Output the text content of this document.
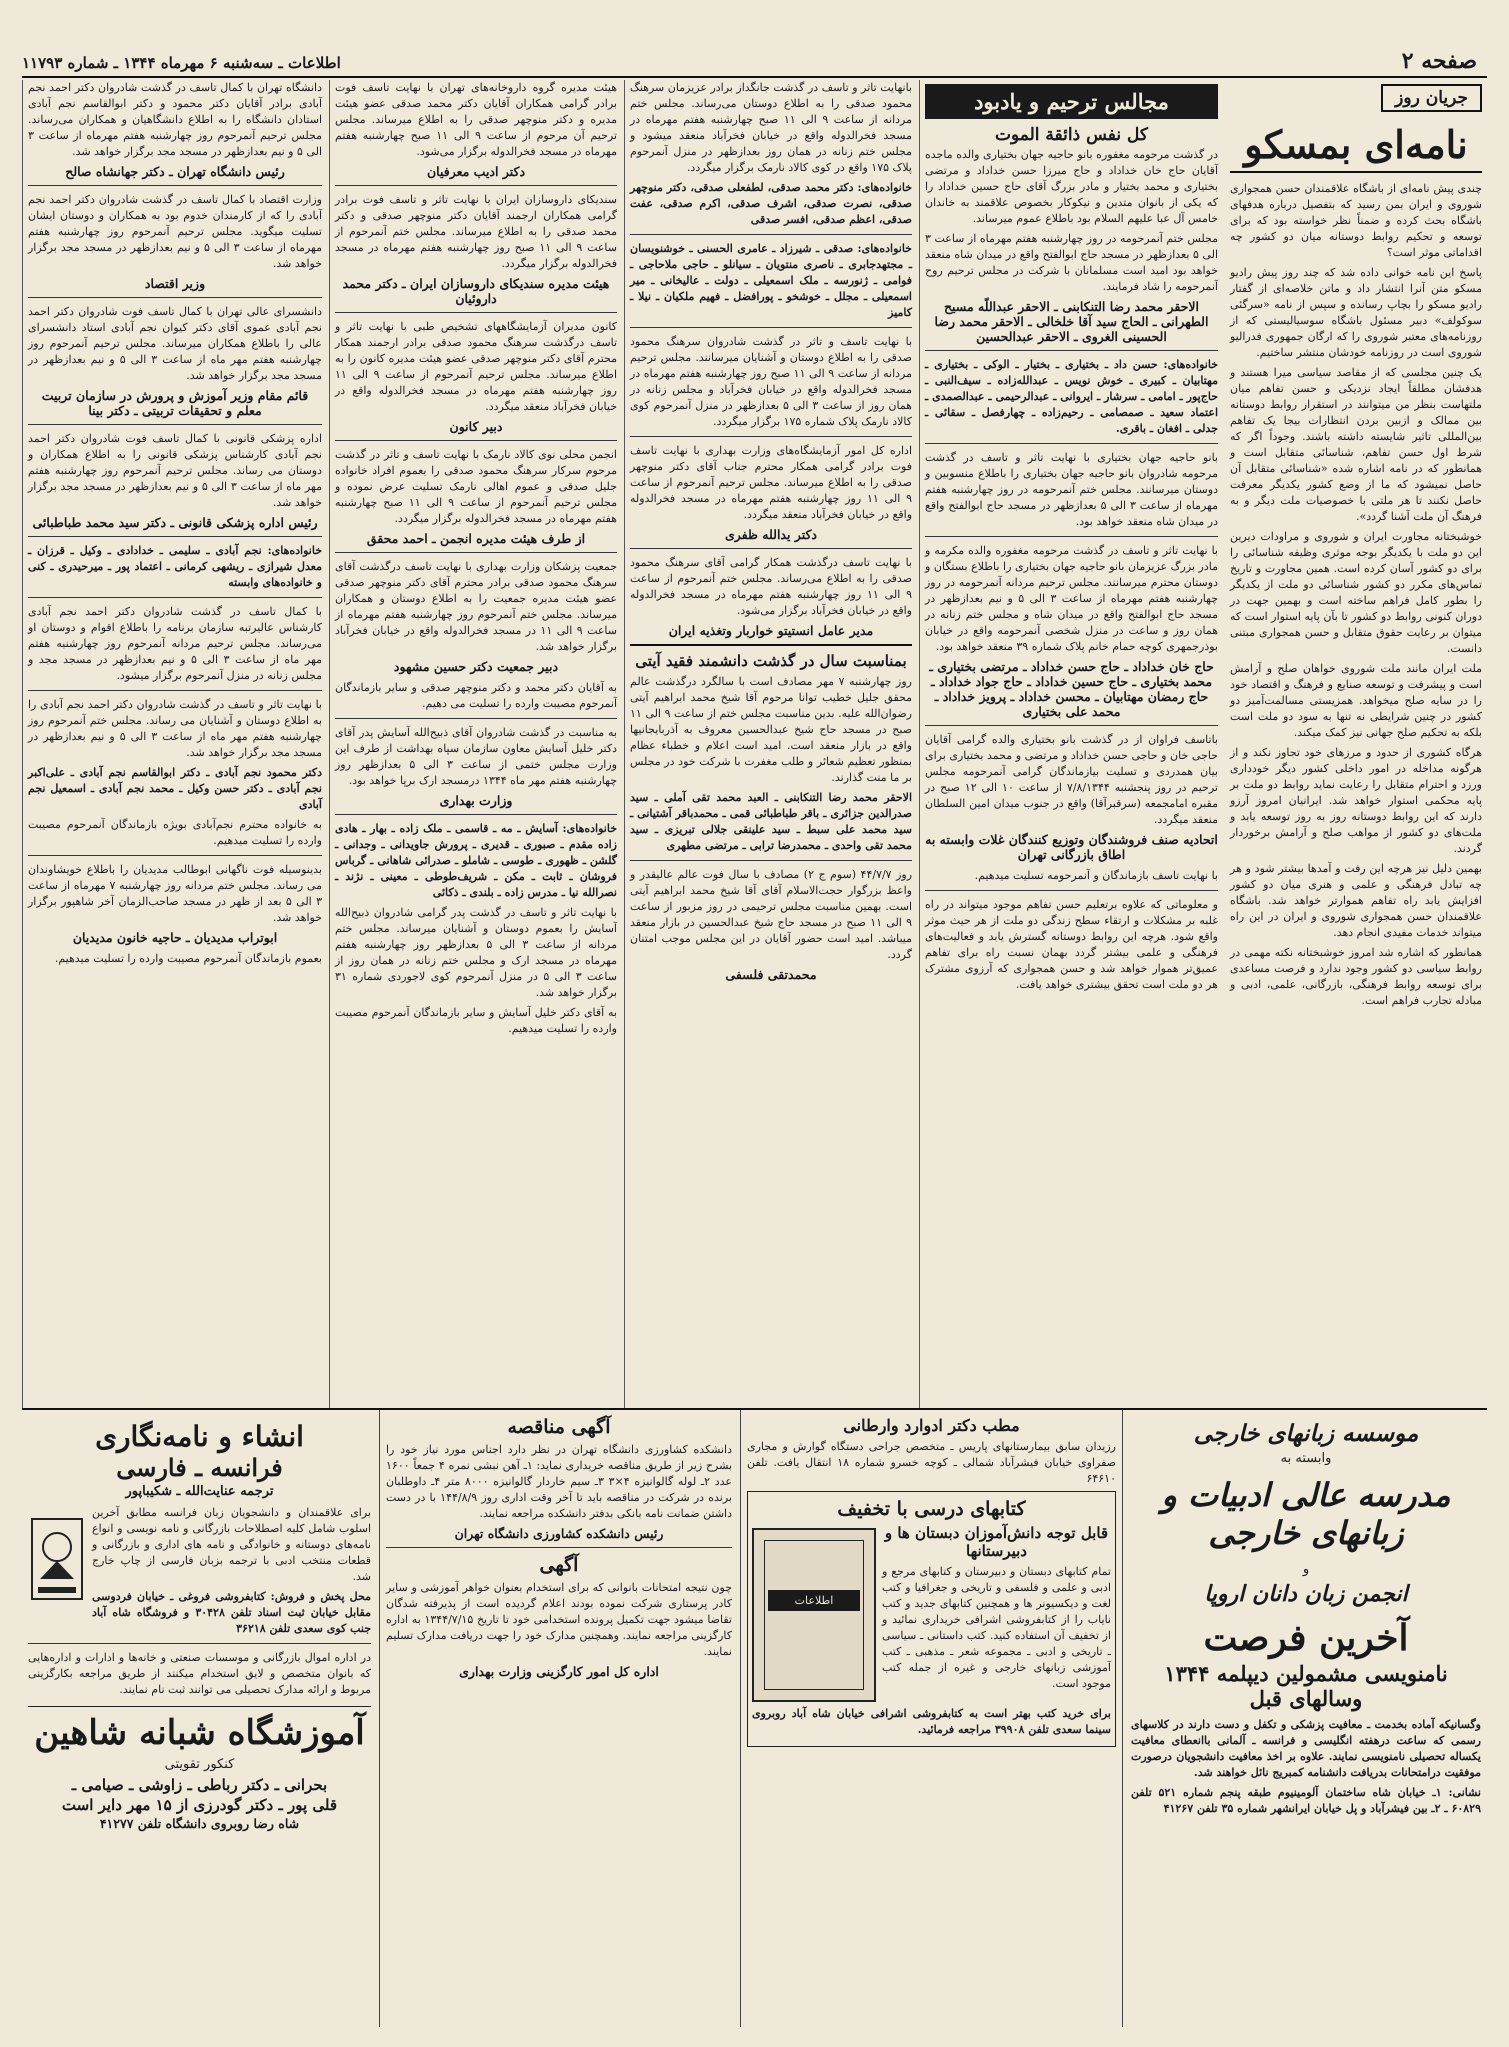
صفحه ۲
اطلاعات ـ سه‌شنبه ۶ مهرماه ۱۳۴۴ ـ شماره ۱۱۷۹۳
جریان روز
نامه‌ای بمسکو

چندی پیش نامه‌ای از باشگاه علاقمندان حسن همجواری شوروی و ایران بمن رسید که بتفصیل درباره هدفهای باشگاه بحث کرده و ضمناً نظر خواسته بود که برای توسعه و تحکیم روابط دوستانه میان دو کشور چه اقداماتی موثر است؟

پاسخ این نامه خوانی داده شد که چند روز پیش رادیو مسکو متن آنرا انتشار داد و ماتن خلاصه‌ای از گفتار رادیو مسکو را بچاپ رسانده و سپس از نامه «سرگئی سوکولف» دبیر مسئول باشگاه سوسیالیستی که از روزنامه‌های معتبر شوروی را که ارگان جمهوری فدرالیو شوروی است در روزنامه خودشان منتشر ساختیم.

یک چنین مجلسی که از مقاصد سیاسی میرا هستند و هدفشان مطلقاً ایجاد نزدیکی و حسن تفاهم میان ملتهاست بنظر من میتوانند در استقرار روابط دوستانه بین ممالک و ازبین بردن انتظارات بیجا یک تفاهم بین‌المللی تاثیر شایسته داشته باشند. وجوداً اگر که شرط اول حسن تفاهم، شناسائی متقابل است و همانطور که در نامه اشاره شده «شناسائی متقابل آن حاصل نمیشود که ما از وضع کشور یکدیگر معرفت حاصل نکنند تا هر ملتی با خصوصیات ملت دیگر و به فرهنگ آن ملت آشنا گردد».

خوشبختانه مجاورت ایران و شوروی و مراودات دیرین این دو ملت با یکدیگر بوجه موثری وظیفه شناسائی را برای دو کشور آسان کرده است. همین مجاورت و تاریخ تماس‌های مکرر دو کشور شناسائی دو ملت از یکدیگر را بطور کامل فراهم ساخته است و بهمین جهت در دوران کنونی روابط دو کشور تا بآن پایه استوار است که میتوان بر رعایت حقوق متقابل و حسن همجواری مبتنی دانست.

ملت ایران مانند ملت شوروی خواهان صلح و آرامش است و پیشرفت و توسعه صنایع و فرهنگ و اقتصاد خود را در سایه صلح میخواهد. همزیستی مسالمت‌آمیز دو کشور در چنین شرایطی نه تنها به سود دو ملت است بلکه به تحکیم صلح جهانی نیز کمک میکند.

هرگاه کشوری از حدود و مرزهای خود تجاوز نکند و از هرگونه مداخله در امور داخلی کشور دیگر خودداری ورزد و احترام متقابل را رعایت نماید روابط دو ملت بر پایه محکمی استوار خواهد شد. ایرانیان امروز آرزو دارند که این روابط دوستانه روز به روز توسعه یابد و ملت‌های دو کشور از مواهب صلح و آرامش برخوردار گردند.

بهمین دلیل نیز هرچه این رفت و آمدها بیشتر شود و هر چه تبادل فرهنگی و علمی و هنری میان دو کشور افزایش یابد راه تفاهم هموارتر خواهد شد. باشگاه علاقمندان حسن همجواری شوروی و ایران در این راه میتواند خدمات مفیدی انجام دهد.

همانطور که اشاره شد امروز خوشبختانه نکته مهمی در روابط سیاسی دو کشور وجود ندارد و فرصت مساعدی برای توسعه روابط فرهنگی، بازرگانی، علمی، ادبی و مبادله تجارب فراهم است.

مجالس ترحیم و یادبود
کل نفس ذائقة الموت

در گذشت مرحومه مغفوره بانو حاجیه جهان بختیاری والده ماجده آقایان حاج خان خداداد و حاج میرزا حسن خداداد و مرتضی بختیاری و محمد بختیار و مادر بزرگ آقای حاج حسین خداداد را که یکی از بانوان متدین و نیکوکار بخصوص علاقمند به خاندان خامس آل عبا علیهم السلام بود باطلاع عموم میرساند.

مجلس ختم آنمرحومه در روز چهارشنبه هفتم مهرماه از ساعت ۳ الی ۵ بعدازظهر در مسجد حاج ابوالفتح واقع در میدان شاه منعقد خواهد بود امید است مسلمانان با شرکت در مجلس ترحیم روح آنمرحومه را شاد فرمایند.

الاحقر محمد رضا التنکابنی ـ الاحقر عبداللّه‌ مسیح الطهرانی ـ الحاج سید آقا خلخالی ـ الاحقر محمد رضا الحسینی الغروی ـ الاحقر عبدالحسین

خانواده‌های: حسن داد ـ بختیاری ـ بختیار ـ الوکی ـ بختیاری ـ مهتابیان ـ کبیری ـ خوش نویس ـ عبدالله‌زاده ـ سیف‌النبی ـ حاج‌پور ـ امامی ـ سرشار ـ ایروانی ـ عبدالرحیمی ـ عبدالصمدی ـ اعتماد سعید ـ صمصامی ـ رحیم‌زاده ـ چهارفصل ـ سقائی ـ جدلی ـ افغان ـ باقری.

بانو حاجیه جهان بختیاری با نهایت تاثر و تاسف در گذشت مرحومه شادروان بانو حاجیه جهان بختیاری را باطلاع منسوبین و دوستان میرسانند. مجلس ختم آنمرحومه در روز چهارشنبه هفتم مهرماه از ساعت ۳ الی ۵ بعدازظهر در مسجد حاج ابوالفتح واقع در میدان شاه منعقد خواهد بود.

با نهایت تاثر و تاسف در گذشت مرحومه مغفوره والده مکرمه و مادر بزرگ عزیزمان بانو حاجیه جهان بختیاری را باطلاع بستگان و دوستان محترم میرسانند. مجلس ترحیم مردانه آنمرحومه در روز چهارشنبه هفتم مهرماه از ساعت ۳ الی ۵ و نیم بعدازظهر در مسجد حاج ابوالفتح واقع در میدان شاه و مجلس ختم زنانه در همان روز و ساعت در منزل شخصی آنمرحومه واقع در خیابان بوذرجمهری کوچه حمام خانم پلاک شماره ۳۹ منعقد خواهد بود.

حاج خان خداداد ـ حاج حسن خداداد ـ مرتضی بختیاری ـ محمد بختیاری ـ حاج حسین خداداد ـ حاج جواد خداداد ـ حاج رمضان مهتابیان ـ محسن خداداد ـ پرویز خداداد ـ محمد علی بختیاری

باتاسف فراوان از در گذشت بانو بختیاری والده گرامی آقایان حاجی خان و حاجی حسن خداداد و مرتضی و محمد بختیاری برای بیان همدردی و تسلیت بیازماندگان گرامی آنمرحومه مجلس ترحیم در روز پنجشنبه ۷/۸/۱۳۴۴ از ساعت ۱۰ الی ۱۲ صبح در مقبره امامجمعه (سرقبرآقا) واقع در جنوب میدان امین السلطان منعقد میگردد.

اتحادیه صنف فروشندگان وتوزیع کنندگان غلات وابسته به اطاق بازرگانی تهران

با نهایت تاسف بازماندگان و آنمرحومه تسلیت میدهیم.

و معلوماتی که علاوه برتعلیم حسن تفاهم موجود میتواند در راه غلبه بر مشکلات و ارتقاء سطح زندگی دو ملت از هر حیث موثر واقع شود. هرچه این روابط دوستانه گسترش یابد و فعالیت‌های فرهنگی و علمی بیشتر گردد بهمان نسبت راه برای تفاهم عمیق‌تر هموار خواهد شد و حسن همجواری که آرزوی مشترک هر دو ملت است تحقق بیشتری خواهد یافت.

بانهایت تاثر و تاسف در گذشت جانگداز برادر عزیزمان سرهنگ محمود صدقی را به اطلاع دوستان می‌رساند. مجلس ختم مردانه از ساعت ۹ الی ۱۱ صبح چهارشنبه هفتم مهرماه در مسجد فخرالدوله واقع در خیابان فخرآباد منعقد میشود و مجلس ختم زنانه در همان روز بعدازظهر در منزل آنمرحوم پلاک ۱۷۵ واقع در کوی کالاد نارمک برگزار میگردد.

خانواده‌های: دکتر محمد صدقی، لطفعلی صدقی، دکتر منوچهر صدقی، نصرت صدقی، اشرف صدقی، اکرم صدقی، عفت صدقی، اعظم صدقی، افسر صدقی

خانواده‌های: صدقی ـ شیرزاد ـ عامری الحسنی ـ خوشنویسان ـ مجتهدجابری ـ ناصری منتویان ـ سیانلو ـ حاجی ملاحاجی ـ فوامی ـ ژنورسه ـ ملک اسمعیلی ـ دولت ـ عالیخانی ـ میر اسمعیلی ـ مجلل ـ خوشخو ـ پورافضل ـ فهیم ملکیان ـ نیلا ـ کامیز

با نهایت تاسف و تاثر در گذشت شادروان سرهنگ محمود صدقی را به اطلاع دوستان و آشنایان میرسانند. مجلس ترحیم مردانه از ساعت ۹ الی ۱۱ صبح روز چهارشنبه هفتم مهرماه در مسجد فخرالدوله واقع در خیابان فخرآباد و مجلس زنانه در همان روز از ساعت ۳ الی ۵ بعدازظهر در منزل آنمرحوم کوی کالاد نارمک پلاک شماره ۱۷۵ برگزار میگردد.

اداره کل امور آزمایشگاه‌های وزارت بهداری با نهایت تاسف فوت برادر گرامی همکار محترم جناب آقای دکتر منوچهر صدقی را به اطلاع میرساند. مجلس ترحیم آنمرحوم از ساعت ۹ الی ۱۱ روز چهارشنبه هفتم مهرماه در مسجد فخرالدوله واقع در خیابان فخرآباد منعقد میگردد.

دکتر یدالله ظفری

با نهایت تاسف درگذشت همکار گرامی آقای سرهنگ محمود صدقی را به اطلاع می‌رساند. مجلس ختم آنمرحوم از ساعت ۹ الی ۱۱ روز چهارشنبه هفتم مهرماه در مسجد فخرالدوله واقع در خیابان فخرآباد برگزار می‌شود.

مدیر عامل انستیتو خواربار وتغذیه ایران

بمناسبت سال در گذشت دانشمند فقید آیتی

روز چهارشنبه ۷ مهر مصادف است با سالگرد درگذشت عالم محقق جلیل خطیب توانا مرحوم آقا شیخ محمد ابراهیم آیتی رضوان‌الله علیه. بدین مناسبت مجلس ختم از ساعت ۹ الی ۱۱ صبح در مسجد حاج شیخ عبدالحسین معروف به آذربایجانیها واقع در بازار منعقد است. امید است اعلام و خطباء عظام بمنظور تعظیم شعائر و طلب مغفرت با شرکت خود در مجلس بر ما منت گذارند.

الاحقر محمد رضا التنکابنی ـ العبد محمد تقی آملی ـ سید صدرالدین جزائری ـ باقر طباطبائی قمی ـ محمدباقر آشتیانی ـ سید محمد علی سبط ـ سید علینقی جلالی تبریزی ـ سید محمد تقی واحدی ـ محمدرضا ترابی ـ مرتضی مطهری

روز ۴۴/۷/۷ (سوم ج ۲) مصادف با سال فوت عالم عالیقدر و واعظ بزرگوار حجت‌الاسلام آقای آقا شیخ محمد ابراهیم آیتی است. بهمین مناسبت مجلس ترحیمی در روز مزبور از ساعت ۹ الی ۱۱ صبح در مسجد حاج شیخ عبدالحسین در بازار منعقد میباشد. امید است حضور آقایان در این مجلس موجب امتنان گردد.

محمدتقی فلسفی

هیئت مدیره گروه داروخانه‌های تهران با نهایت تاسف فوت برادر گرامی همکاران آقایان دکتر محمد صدقی عضو هیئت مدیره و دکتر منوچهر صدقی را به اطلاع میرساند. مجلس ترحیم آن مرحوم از ساعت ۹ الی ۱۱ صبح چهارشنبه هفتم مهرماه در مسجد فخرالدوله برگزار می‌شود.

دکتر ادیب معرفیان

سندیکای داروسازان ایران با نهایت تاثر و تاسف فوت برادر گرامی همکاران ارجمند آقایان دکتر منوچهر صدقی و دکتر محمد صدقی را به اطلاع میرساند. مجلس ختم آنمرحوم از ساعت ۹ الی ۱۱ صبح روز چهارشنبه هفتم مهرماه در مسجد فخرالدوله برگزار میگردد.

هیئت مدیره سندیکای داروسازان ایران ـ دکتر محمد داروئیان

کانون مدیران آزمایشگاههای تشخیص طبی با نهایت تاثر و تاسف درگذشت سرهنگ محمود صدقی برادر ارجمند همکار محترم آقای دکتر منوچهر صدقی عضو هیئت مدیره کانون را به اطلاع میرساند. مجلس ترحیم آنمرحوم از ساعت ۹ الی ۱۱ روز چهارشنبه هفتم مهرماه در مسجد فخرالدوله واقع در خیابان فخرآباد منعقد میگردد.

دبیر کانون

انجمن محلی نوی کالاد نارمک با نهایت تاسف و تاثر در گذشت مرحوم سرکار سرهنگ محمود صدقی را بعموم افراد خانواده جلیل صدقی و عموم اهالی نارمک تسلیت عرض نموده و مجلس ترحیم آنمرحوم از ساعت ۹ الی ۱۱ صبح چهارشنبه هفتم مهرماه در مسجد فخرالدوله برگزار میگردد.

از طرف هیئت مدیره انجمن ـ احمد محقق

جمعیت پزشکان وزارت بهداری با نهایت تاسف درگذشت آقای سرهنگ محمود صدقی برادر محترم آقای دکتر منوچهر صدقی عضو هیئت مدیره جمعیت را به اطلاع دوستان و همکاران میرساند. مجلس ختم آنمرحوم روز چهارشنبه هفتم مهرماه از ساعت ۹ الی ۱۱ در مسجد فخرالدوله واقع در خیابان فخرآباد برگزار خواهد شد.

دبیر جمعیت دکتر حسین مشهود

به آقایان دکتر محمد و دکتر منوچهر صدقی و سایر بازماندگان آنمرحوم مصیبت وارده را تسلیت می دهیم.

به مناسبت در گذشت شادروان آقای ذبیح‌الله آسایش پدر آقای دکتر خلیل آسایش معاون سازمان سپاه بهداشت از طرف این وزارت مجلس ختمی از ساعت ۳ الی ۵ بعدازظهر روز چهارشنبه هفتم مهر ماه ۱۳۴۴ درمسجد ارک برپا خواهد بود.

وزارت بهداری

خانواده‌های: آسایش ـ مه ـ قاسمی ـ ملک زاده ـ بهار ـ هادی زاده مقدم ـ صبوری ـ قدیری ـ پرورش جاویدانی ـ وجدانی ـ گلشن ـ ظهوری ـ طوسی ـ شاملو ـ صدرائی شاهانی ـ گرباس فروشان ـ ثابت ـ مکن ـ شریف‌طوطی ـ معینی ـ نژند ـ نصرالله نیا ـ مدرس زاده ـ بلندی ـ ذکائی

با نهایت تاثر و تاسف در گذشت پدر گرامی شادروان ذبیح‌الله آسایش را بعموم دوستان و آشنایان میرساند. مجلس ختم مردانه از ساعت ۳ الی ۵ بعدازظهر روز چهارشنبه هفتم مهرماه در مسجد ارک و مجلس ختم زنانه در همان روز از ساعت ۳ الی ۵ در منزل آنمرحوم کوی لاجوردی شماره ۳۱ برگزار خواهد شد.

به آقای دکتر خلیل آسایش و سایر بازماندگان آنمرحوم مصیبت وارده را تسلیت میدهیم.

دانشگاه تهران با کمال تاسف در گذشت شادروان دکتر احمد نجم آبادی برادر آقایان دکتر محمود و دکتر ابوالقاسم نجم آبادی استادان دانشگاه را به اطلاع دانشگاهیان و همکاران می‌رساند. مجلس ترحیم آنمرحوم روز چهارشنبه هفتم مهرماه از ساعت ۳ الی ۵ و نیم بعدازظهر در مسجد مجد برگزار خواهد شد.

رئیس دانشگاه تهران ـ دکتر جهانشاه صالح

وزارت اقتصاد با کمال تاسف در گذشت شادروان دکتر احمد نجم آبادی را که از کارمندان خدوم بود به همکاران و دوستان ایشان تسلیت میگوید. مجلس ترحیم آنمرحوم روز چهارشنبه هفتم مهرماه از ساعت ۳ الی ۵ و نیم بعدازظهر در مسجد مجد برگزار خواهد شد.

وزیر اقتصاد

دانشسرای عالی تهران با کمال تاسف فوت شادروان دکتر احمد نجم آبادی عموی آقای دکتر کیوان نجم آبادی استاد دانشسرای عالی را باطلاع همکاران میرساند. مجلس ترحیم آنمرحوم روز چهارشنبه هفتم مهر ماه از ساعت ۳ الی ۵ و نیم بعدازظهر در مسجد مجد برگزار خواهد شد.

قائم مقام وزیر آموزش و پرورش در سازمان تربیت معلم و تحقیقات تربیتی ـ دکتر بینا

اداره پزشکی قانونی با کمال تاسف فوت شادروان دکتر احمد نجم آبادی کارشناس پزشکی قانونی را به اطلاع همکاران و دوستان می رساند. مجلس ترحیم آنمرحوم روز چهارشنبه هفتم مهر ماه از ساعت ۳ الی ۵ و نیم بعدازظهر در مسجد مجد برگزار خواهد شد.

رئیس اداره پزشکی قانونی ـ دکتر سید محمد طباطبائی

خانواده‌های: نجم آبادی ـ سلیمی ـ خدادادی ـ وکیل ـ قرزان ـ معدل شیرازی ـ ریشهی کرمانی ـ اعتماد پور ـ میرحیدری ـ کنی و خانواده‌های وابسته

با کمال تاسف در گذشت شادروان دکتر احمد نجم آبادی کارشناس عالیرتبه سازمان برنامه را باطلاع اقوام و دوستان او می‌رساند. مجلس ترحیم مردانه آنمرحوم روز چهارشنبه هفتم مهر ماه از ساعت ۳ الی ۵ و نیم بعدازظهر در مسجد مجد و مجلس زنانه در منزل آنمرحوم برگزار میشود.

با نهایت تاثر و تاسف در گذشت شادروان دکتر احمد نجم آبادی را به اطلاع دوستان و آشنایان می رساند. مجلس ختم آنمرحوم روز چهارشنبه هفتم مهر ماه از ساعت ۳ الی ۵ و نیم بعدازظهر در مسجد مجد برگزار خواهد شد.

دکتر محمود نجم آبادی ـ دکتر ابوالقاسم نجم آبادی ـ علی‌اکبر نجم آبادی ـ دکتر حسن وکیل ـ محمد نجم آبادی ـ اسمعیل نجم آبادی

به خانواده محترم نجم‌آبادی بویژه بازماندگان آنمرحوم مصیبت وارده را تسلیت میدهیم.

بدینوسیله فوت ناگهانی ابوطالب مدیدیان را باطلاع خویشاوندان می رساند. مجلس ختم مردانه روز چهارشنبه ۷ مهرماه از ساعت ۳ الی ۵ بعد از ظهر در مسجد صاحب‌الزمان آخر شاهپور برگزار خواهد شد.

ابوتراب مدیدیان ـ حاجیه خانون مدیدیان

بعموم بازماندگان آنمرحوم مصیبت وارده را تسلیت میدهیم.

موسسه زبانهای خارجی
وابسته به
مدرسه عالی ادبیات و زبانهای خارجی
و
انجمن زبان دانان اروپا
آخرین فرصت
نامنویسی مشمولین دیپلمه ۱۳۴۴ وسالهای قبل

وگسانیکه آماده بخدمت ـ معافیت پزشکی و تکفل و دست دارند در کلاسهای رسمی که ساعت درهفته انگلیسی و فرانسه ـ آلمانی باانعطای معافیت یکساله تحصیلی نامنویسی نمایند. علاوه بر اخذ معافیت دانشجویان درصورت موفقیت درامتحانات بدریافت دانشنامه کمبریج نائل خواهند شد.

نشانی: ۱ـ خیابان شاه ساختمان آلومینیوم طبقه پنجم شماره ۵۲۱ تلفن ۶۰۸۲۹ ـ ۲ـ بین فیشرآباد و پل خیابان ایرانشهر شماره ۳۵ تلفن ۴۱۲۶۷

مطب دکتر ادوارد وارطانی

رزیدان سابق بیمارستانهای پاریس ـ متخصص جراحی دستگاه گوارش و مجاری صفراوی خیابان فیشرآباد شمالی ـ کوچه خسرو شماره ۱۸ انتقال یافت. تلفن ۶۴۶۱۰

کتابهای درسی با تخفیف
اطلاعات
قابل توجه دانش‌آموزان دبستان ها و دبیرستانها

تمام کتابهای دبستان و دبیرستان و کتابهای مرجع و ادبی و علمی و فلسفی و تاریخی و جغرافیا و کتب لغت و دیکسیونر ها و همچنین کتابهای جدید و کتب نایاب را از کتابفروشی اشرافی خریداری نمائید و از تخفیف آن استفاده کنید. کتب داستانی ـ سیاسی ـ تاریخی و ادبی ـ مجموعه شعر ـ مذهبی ـ کتب آموزشی زبانهای خارجی و غیره از جمله کتب موجود است.

برای خرید کتب بهتر است به کتابفروشی اشرافی خیابان شاه آباد روبروی سینما سعدی تلفن ۳۹۹۰۸ مراجعه فرمائید.

آگهی مناقصه

دانشکده کشاورزی دانشگاه تهران در نظر دارد اجناس مورد نیاز خود را بشرح زیر از طریق مناقصه خریداری نماید: ۱ـ آهن نبشی نمره ۴ جمعاً ۱۶۰۰ عدد ۲ـ لوله گالوانیزه ۴×۳ ۳ـ سیم خاردار گالوانیزه ۸۰۰۰ متر ۴ـ داوطلبان برنده در شرکت در مناقصه باید تا آخر وقت اداری روز ۱۴۴/۸/۹ با در دست داشتن ضمانت نامه بانکی بدفتر دانشکده مراجعه نمایند.

رئیس دانشکده کشاورزی دانشگاه تهران

آگهی

چون نتیجه امتحانات بانوانی که برای استخدام بعنوان خواهر آموزشی و سایر کادر پرستاری شرکت نموده بودند اعلام گردیده است از پذیرفته شدگان تقاضا میشود جهت تکمیل پرونده استخدامی خود تا تاریخ ۱۳۴۴/۷/۱۵ به اداره کارگزینی مراجعه نمایند. وهمچنین مدارک خود را جهت دریافت مدارک تسلیم نمایند.

اداره کل امور کارگزینی وزارت بهداری

انشاء و نامه‌نگاری
فرانسه ـ فارسی
ترجمه عنایت‌الله ـ شکیباپور

برای علاقمندان و دانشجویان زبان فرانسه مطابق آخرین اسلوب شامل کلیه اصطلاحات بازرگانی و نامه نویسی و انواع نامه‌های دوستانه و خانوادگی و نامه های اداری و بازرگانی و قطعات منتخب ادبی با ترجمه بزبان فارسی از چاپ خارج شد.

محل پخش و فروش: کتابفروشی فروغی ـ خیابان فردوسی مقابل خیابان ثبت اسناد تلفن ۳۰۴۲۸ و فروشگاه شاه آباد جنب کوی سعدی تلفن ۳۶۲۱۸

در اداره اموال بازرگانی و موسسات صنعتی و خانه‌ها و ادارات و اداره‌هایی که بانوان متخصص و لایق استخدام میکنند از طریق مراجعه بکارگزینی مربوط و ارائه مدارک تحصیلی می توانند ثبت نام نمایند.

آموزشگاه شبانه شاهین
کنکور تقویتی
بحرانی ـ دکتر رباطی ـ زاوشی ـ صیامی ـ
قلی پور ـ دکتر گودرزی از ۱۵ مهر دایر است
شاه رضا روبروی دانشگاه تلفن ۴۱۲۷۷
